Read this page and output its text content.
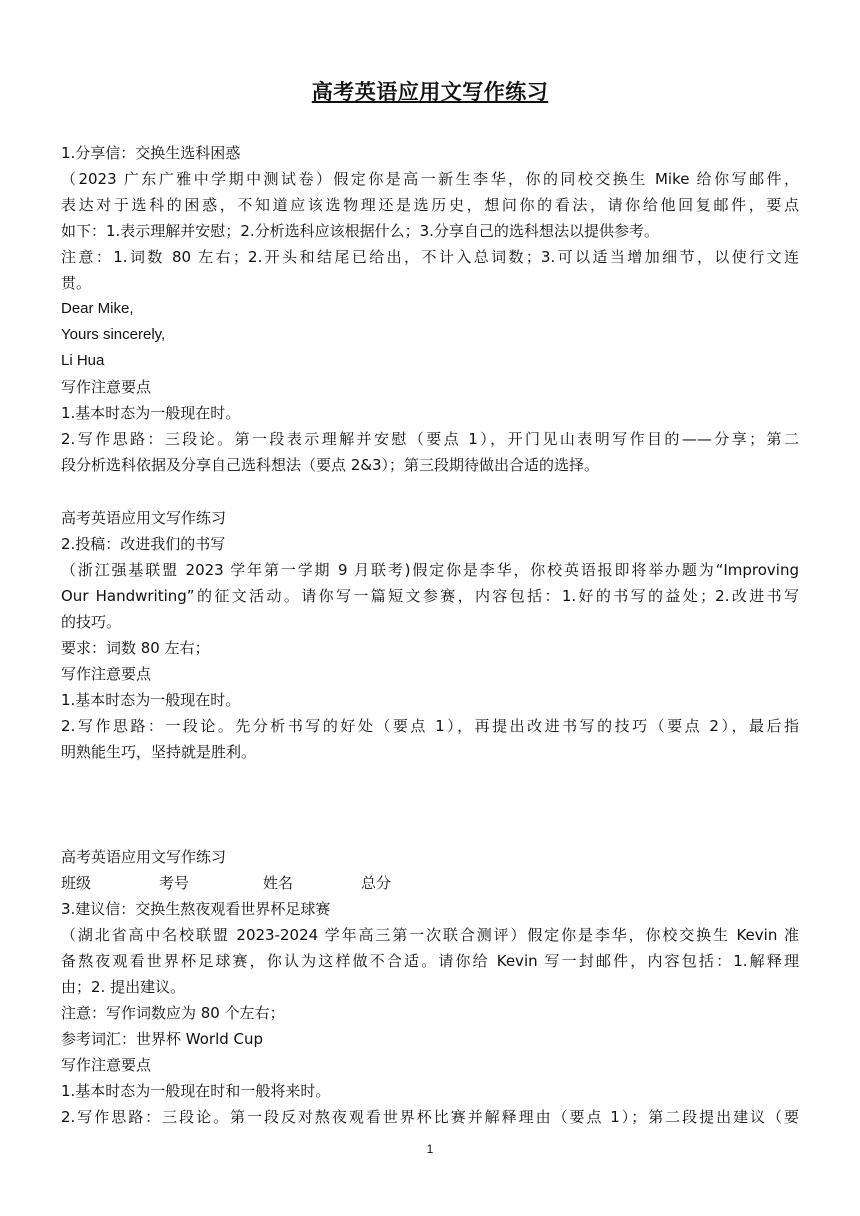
高考英语应用文写作练习
1.分享信：交换生选科困惑
（2023 广东广雅中学期中测试卷）假定你是高一新生李华，你的同校交换生 Mike 给你写邮件，
表达对于选科的困惑，不知道应该选物理还是选历史，想问你的看法，请你给他回复邮件，要点
如下：1.表示理解并安慰；2.分析选科应该根据什么；3.分享自己的选科想法以提供参考。
注意：1.词数 80 左右；2.开头和结尾已给出，不计入总词数；3.可以适当增加细节，以使行文连
贯。
Dear Mike,
Yours sincerely,
Li Hua
写作注意要点
1.基本时态为一般现在时。
2.写作思路：三段论。第一段表示理解并安慰（要点 1），开门见山表明写作目的——分享；第二
段分析选科依据及分享自己选科想法（要点 2&3）；第三段期待做出合适的选择。
高考英语应用文写作练习
2.投稿：改进我们的书写
（浙江强基联盟 2023 学年第一学期 9 月联考)假定你是李华，你校英语报即将举办题为“Improving
Our Handwriting”的征文活动。请你写一篇短文参赛，内容包括：1.好的书写的益处；2.改进书写
的技巧。
要求：词数 80 左右；
写作注意要点
1.基本时态为一般现在时。
2.写作思路：一段论。先分析书写的好处（要点 1），再提出改进书写的技巧（要点 2），最后指
明熟能生巧，坚持就是胜利。
高考英语应用文写作练习
班级	考号	姓名	总分
3.建议信：交换生熬夜观看世界杯足球赛
（湖北省高中名校联盟 2023-2024 学年高三第一次联合测评）假定你是李华，你校交换生 Kevin 准
备熬夜观看世界杯足球赛，你认为这样做不合适。请你给 Kevin 写一封邮件，内容包括：1.解释理
由；2. 提出建议。
注意：写作词数应为 80 个左右；
参考词汇：世界杯 World Cup
写作注意要点
1.基本时态为一般现在时和一般将来时。
2.写作思路：三段论。第一段反对熬夜观看世界杯比赛并解释理由（要点 1）；第二段提出建议（要
1
